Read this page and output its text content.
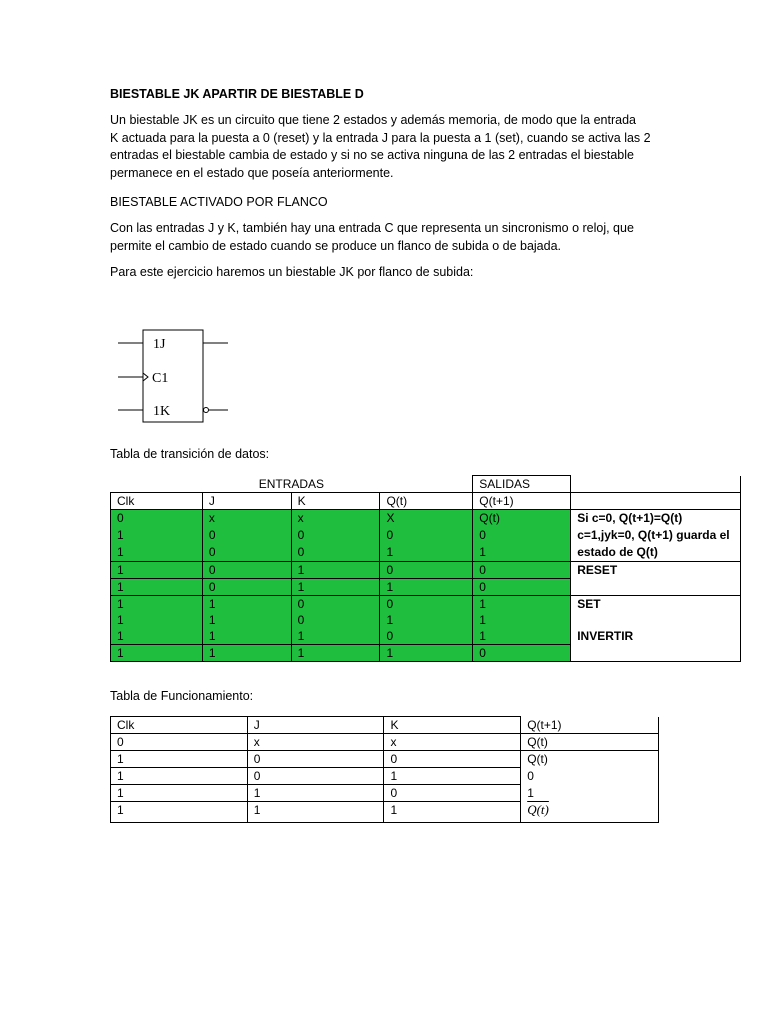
BIESTABLE JK APARTIR DE BIESTABLE D
Un biestable JK es un circuito que tiene 2 estados y además memoria, de modo que la entrada
K actuada para la puesta a 0 (reset) y la entrada J para la puesta a 1 (set), cuando se activa las 2
entradas el biestable cambia de estado y si no se activa ninguna de las 2 entradas el biestable
permanece en el estado que poseía anteriormente.
BIESTABLE ACTIVADO POR FLANCO
Con las entradas J y K, también hay una entrada C que representa un sincronismo o reloj, que
permite el cambio de estado cuando se produce un flanco de subida o de bajada.
Para este ejercicio haremos un biestable JK por flanco de subida:
1J
C1
1K
Tabla de transición de datos:
ENTRADAS				SALIDAS	
Clk	J	K	Q(t)	Q(t+1)	
0	x	x	X	Q(t)	Si c=0, Q(t+1)=Q(t) c=1,jyk=0, Q(t+1) guarda el estado de Q(t)
1	0	0	0	0	
1	0	0	1	1	
1	0	1	0	0	RESET
1	0	1	1	0	
1	1	0	0	1	SET
1	1	0	1	1	
1	1	1	0	1	INVERTIR
1	1	1	1	0	
Tabla de Funcionamiento:
Clk	J	K	Q(t+1)
0	x	x	Q(t)
1	0	0	Q(t)
1	0	1	0
1	1	0	1
1	1	1	Q(t)
